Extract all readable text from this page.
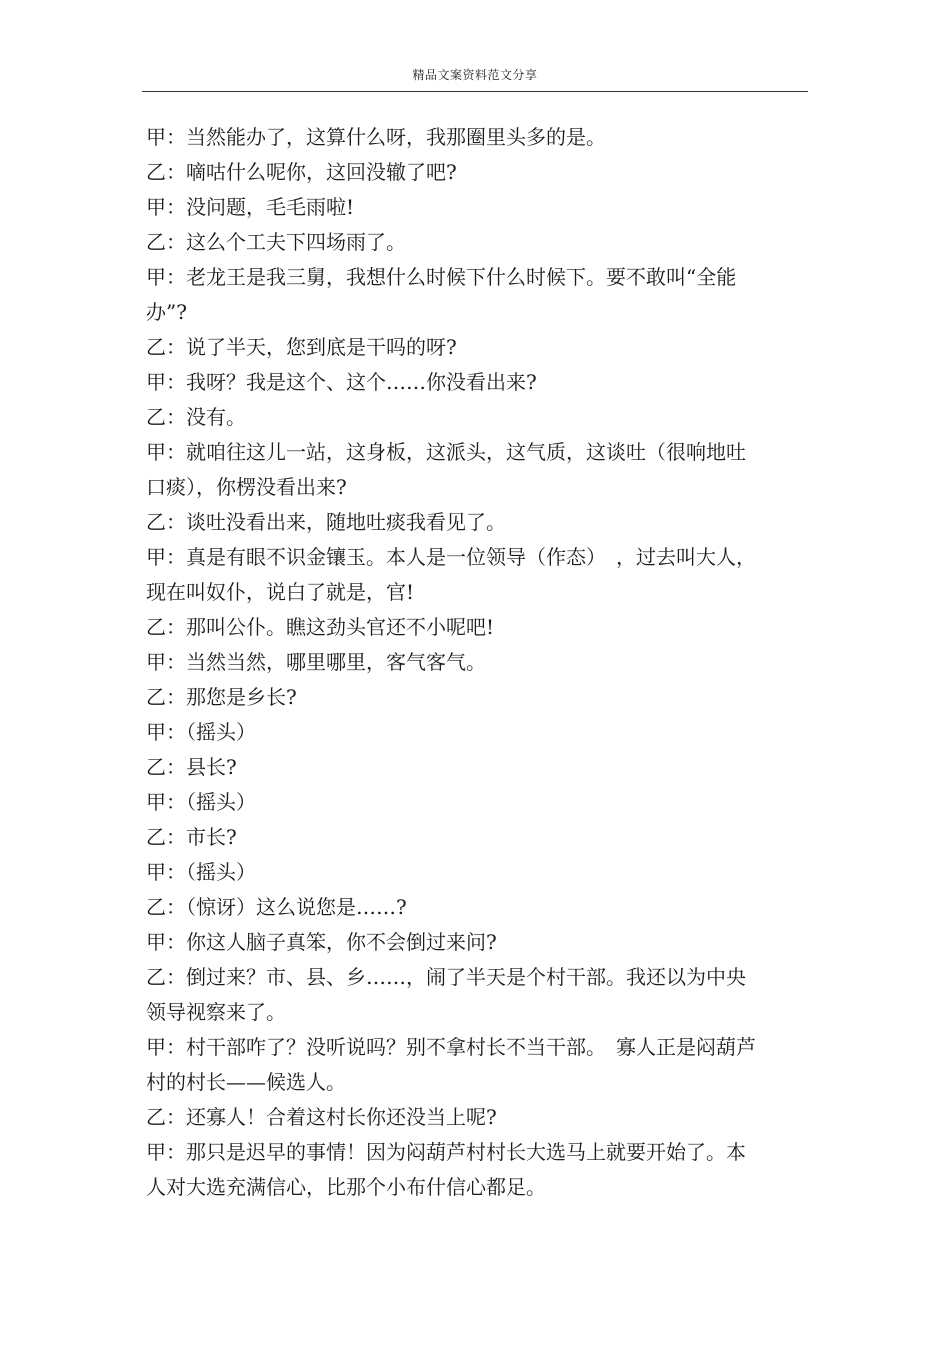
精品文案资料范文分享
甲：当然能办了，这算什么呀，我那圈里头多的是。
乙：嘀咕什么呢你，这回没辙了吧?
甲：没问题，毛毛雨啦!
乙：这么个工夫下四场雨了。
甲：老龙王是我三舅，我想什么时候下什么时候下。要不敢叫“全能
办”?
乙：说了半天，您到底是干吗的呀?
甲：我呀？我是这个、这个……你没看出来?
乙：没有。
甲：就咱往这儿一站，这身板，这派头，这气质，这谈吐（很响地吐
口痰），你楞没看出来?
乙：谈吐没看出来，随地吐痰我看见了。
甲：真是有眼不识金镶玉。本人是一位领导（作态）　，过去叫大人，
现在叫奴仆，说白了就是，官!
乙：那叫公仆。瞧这劲头官还不小呢吧!
甲：当然当然，哪里哪里，客气客气。
乙：那您是乡长?
甲：（摇头）
乙：县长?
甲：（摇头）
乙：市长?
甲：（摇头）
乙：（惊讶）这么说您是……?
甲：你这人脑子真笨，你不会倒过来问?
乙：倒过来？市、县、乡……，闹了半天是个村干部。我还以为中央
领导视察来了。
甲：村干部咋了？没听说吗？别不拿村长不当干部。　寡人正是闷葫芦
村的村长——候选人。
乙：还寡人！合着这村长你还没当上呢?
甲：那只是迟早的事情！因为闷葫芦村村长大选马上就要开始了。本
人对大选充满信心，比那个小布什信心都足。
